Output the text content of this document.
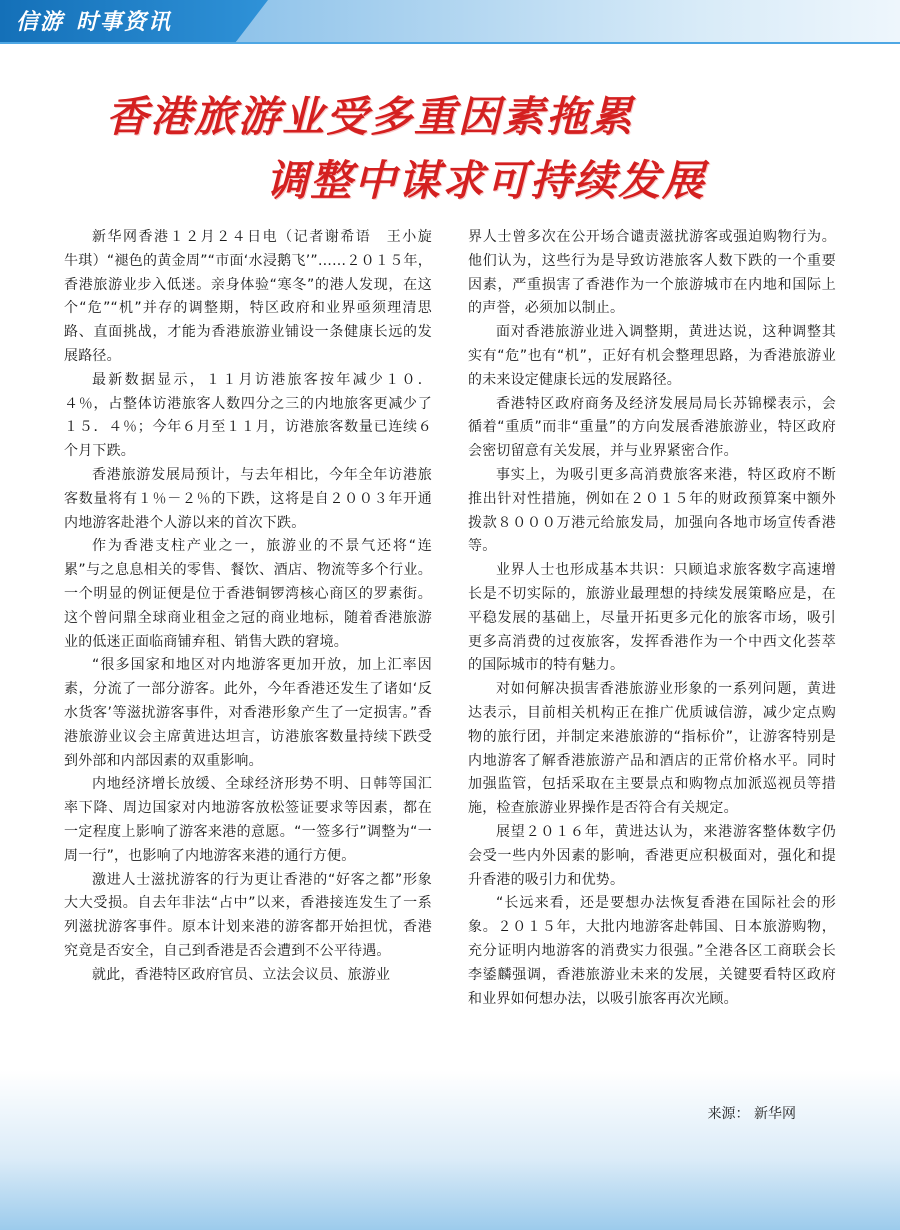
信游 时事资讯
香港旅游业受多重因素拖累
调整中谋求可持续发展

新华网香港１２月２４日电（记者谢希语　王小旋　牛琪）“褪色的黄金周”“市面‘水浸鹅飞’”……２０１５年，香港旅游业步入低迷。亲身体验“寒冬”的港人发现，在这个“危”“机”并存的调整期，特区政府和业界亟须理清思路、直面挑战，才能为香港旅游业铺设一条健康长远的发展路径。

最新数据显示，１１月访港旅客按年减少１０．４％，占整体访港旅客人数四分之三的内地旅客更减少了１５．４％；今年６月至１１月，访港旅客数量已连续６个月下跌。

香港旅游发展局预计，与去年相比，今年全年访港旅客数量将有１％－２％的下跌，这将是自２００３年开通内地游客赴港个人游以来的首次下跌。

作为香港支柱产业之一，旅游业的不景气还将“连累”与之息息相关的零售、餐饮、酒店、物流等多个行业。一个明显的例证便是位于香港铜锣湾核心商区的罗素街。这个曾问鼎全球商业租金之冠的商业地标，随着香港旅游业的低迷正面临商铺弃租、销售大跌的窘境。

“很多国家和地区对内地游客更加开放，加上汇率因素，分流了一部分游客。此外，今年香港还发生了诸如‘反水货客’等滋扰游客事件，对香港形象产生了一定损害。”香港旅游业议会主席黄进达坦言，访港旅客数量持续下跌受到外部和内部因素的双重影响。

内地经济增长放缓、全球经济形势不明、日韩等国汇率下降、周边国家对内地游客放松签证要求等因素，都在一定程度上影响了游客来港的意愿。“一签多行”调整为“一周一行”，也影响了内地游客来港的通行方便。

激进人士滋扰游客的行为更让香港的“好客之都”形象大大受损。自去年非法“占中”以来，香港接连发生了一系列滋扰游客事件。原本计划来港的游客都开始担忧，香港究竟是否安全，自己到香港是否会遭到不公平待遇。

就此，香港特区政府官员、立法会议员、旅游业

界人士曾多次在公开场合谴责滋扰游客或强迫购物行为。他们认为，这些行为是导致访港旅客人数下跌的一个重要因素，严重损害了香港作为一个旅游城市在内地和国际上的声誉，必须加以制止。

面对香港旅游业进入调整期，黄进达说，这种调整其实有“危”也有“机”，正好有机会整理思路，为香港旅游业的未来设定健康长远的发展路径。

香港特区政府商务及经济发展局局长苏锦樑表示，会循着“重质”而非“重量”的方向发展香港旅游业，特区政府会密切留意有关发展，并与业界紧密合作。

事实上，为吸引更多高消费旅客来港，特区政府不断推出针对性措施，例如在２０１５年的财政预算案中额外拨款８０００万港元给旅发局，加强向各地市场宣传香港等。

业界人士也形成基本共识：只顾追求旅客数字高速增长是不切实际的，旅游业最理想的持续发展策略应是，在平稳发展的基础上，尽量开拓更多元化的旅客市场，吸引更多高消费的过夜旅客，发挥香港作为一个中西文化荟萃的国际城市的特有魅力。

对如何解决损害香港旅游业形象的一系列问题，黄进达表示，目前相关机构正在推广优质诚信游，减少定点购物的旅行团，并制定来港旅游的“指标价”，让游客特别是内地游客了解香港旅游产品和酒店的正常价格水平。同时加强监管，包括采取在主要景点和购物点加派巡视员等措施，检查旅游业界操作是否符合有关规定。

展望２０１６年，黄进达认为，来港游客整体数字仍会受一些内外因素的影响，香港更应积极面对，强化和提升香港的吸引力和优势。

“长远来看，还是要想办法恢复香港在国际社会的形象。２０１５年，大批内地游客赴韩国、日本旅游购物，充分证明内地游客的消费实力很强。”全港各区工商联会长李鋈麟强调，香港旅游业未来的发展，关键要看特区政府和业界如何想办法，以吸引旅客再次光顾。

来源： 新华网
